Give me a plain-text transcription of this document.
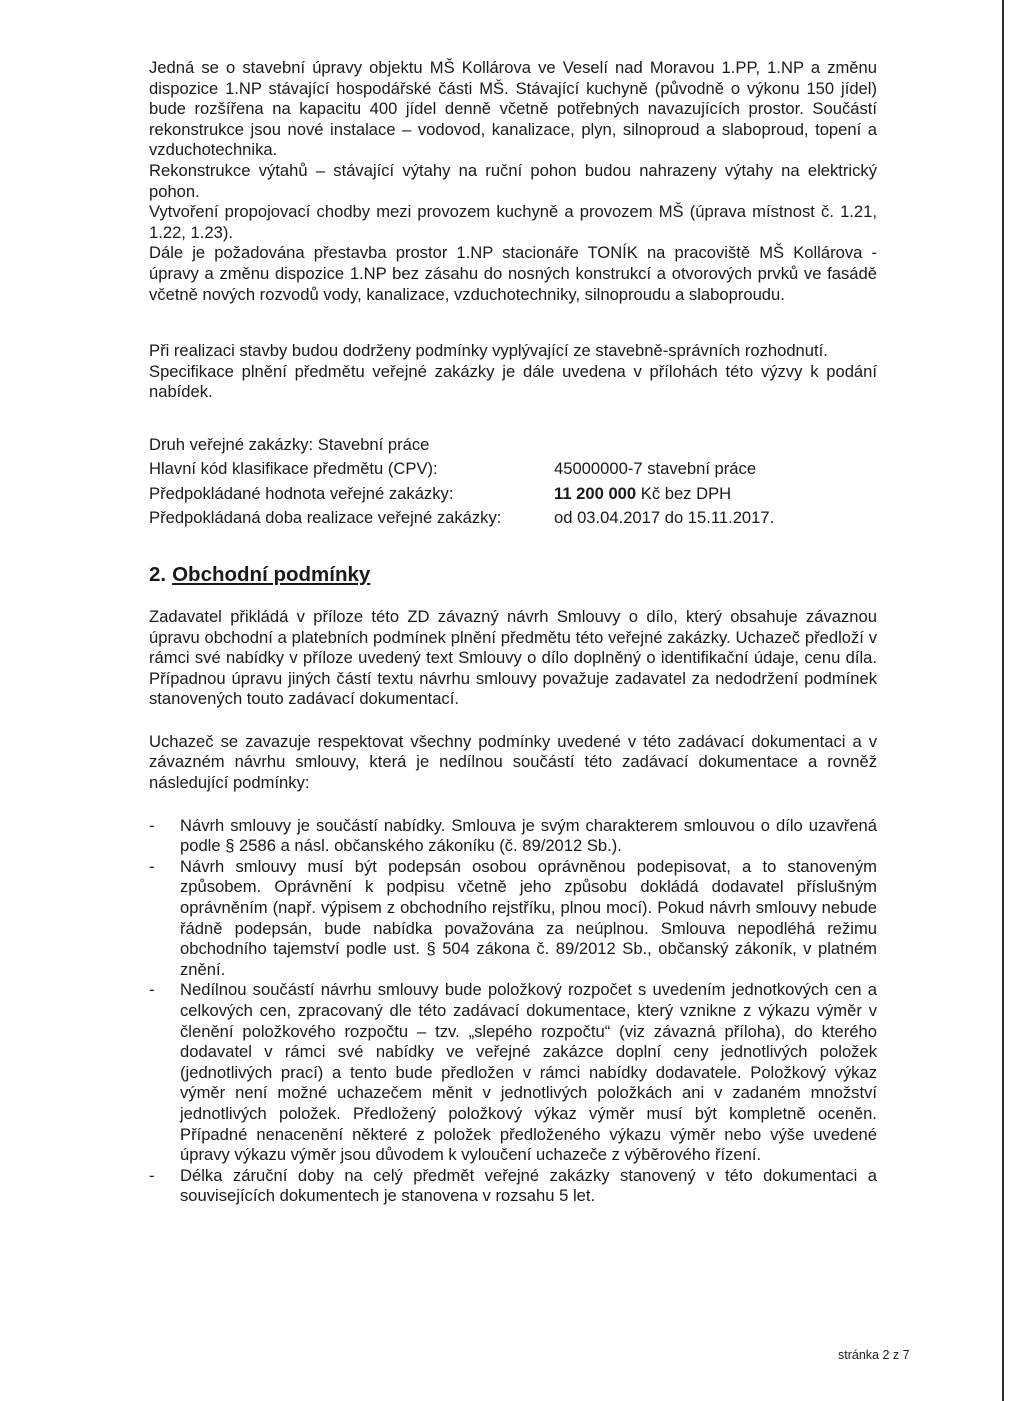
Jedná se o stavební úpravy objektu MŠ Kollárova ve Veselí nad Moravou 1.PP, 1.NP a změnu dispozice 1.NP stávající hospodářské části MŠ. Stávající kuchyně (původně o výkonu 150 jídel) bude rozšířena na kapacitu 400 jídel denně včetně potřebných navazujících prostor. Součástí rekonstrukce jsou nové instalace – vodovod, kanalizace, plyn, silnoproud a slaboproud, topení a vzduchotechnika.

Rekonstrukce výtahů – stávající výtahy na ruční pohon budou nahrazeny výtahy na elektrický pohon.

Vytvoření propojovací chodby mezi provozem kuchyně a provozem MŠ (úprava místnost č. 1.21, 1.22, 1.23).

Dále je požadována přestavba prostor 1.NP stacionáře TONÍK na pracoviště MŠ Kollárova - úpravy a změnu dispozice 1.NP bez zásahu do nosných konstrukcí a otvorových prvků ve fasádě včetně nových rozvodů vody, kanalizace, vzduchotechniky, silnoproudu a slaboproudu.

Při realizaci stavby budou dodrženy podmínky vyplývající ze stavebně-správních rozhodnutí.

Specifikace plnění předmětu veřejné zakázky je dále uvedena v přílohách této výzvy k podání nabídek.

Druh veřejné zakázky: Stavební práce
Hlavní kód klasifikace předmětu (CPV):	45000000-7 stavební práce
Předpokládané hodnota veřejné zakázky:	11 200 000 Kč bez DPH
Předpokládaná doba realizace veřejné zakázky:	od 03.04.2017 do 15.11.2017.
2. Obchodní podmínky

Zadavatel přikládá v příloze této ZD závazný návrh Smlouvy o dílo, který obsahuje závaznou úpravu obchodní a platebních podmínek plnění předmětu této veřejné zakázky. Uchazeč předloží v rámci své nabídky v příloze uvedený text Smlouvy o dílo doplněný o identifikační údaje, cenu díla. Případnou úpravu jiných částí textu návrhu smlouvy považuje zadavatel za nedodržení podmínek stanovených touto zadávací dokumentací.

Uchazeč se zavazuje respektovat všechny podmínky uvedené v této zadávací dokumentaci a v závazném návrhu smlouvy, která je nedílnou součástí této zadávací dokumentace a rovněž následující podmínky:

- Návrh smlouvy je součástí nabídky. Smlouva je svým charakterem smlouvou o dílo uzavřená podle § 2586 a násl. občanského zákoníku (č. 89/2012 Sb.).
- Návrh smlouvy musí být podepsán osobou oprávněnou podepisovat, a to stanoveným způsobem. Oprávnění k podpisu včetně jeho způsobu dokládá dodavatel příslušným oprávněním (např. výpisem z obchodního rejstříku, plnou mocí). Pokud návrh smlouvy nebude řádně podepsán, bude nabídka považována za neúplnou. Smlouva nepodléhá režimu obchodního tajemství podle ust. § 504 zákona č. 89/2012 Sb., občanský zákoník, v platném znění.
- Nedílnou součástí návrhu smlouvy bude položkový rozpočet s uvedením jednotkových cen a celkových cen, zpracovaný dle této zadávací dokumentace, který vznikne z výkazu výměr v členění položkového rozpočtu – tzv. „slepého rozpočtu“ (viz závazná příloha), do kterého dodavatel v rámci své nabídky ve veřejné zakázce doplní ceny jednotlivých položek (jednotlivých prací) a tento bude předložen v rámci nabídky dodavatele. Položkový výkaz výměr není možné uchazečem měnit v jednotlivých položkách ani v zadaném množství jednotlivých položek. Předložený položkový výkaz výměr musí být kompletně oceněn. Případné nenacenění některé z položek předloženého výkazu výměr nebo výše uvedené úpravy výkazu výměr jsou důvodem k vyloučení uchazeče z výběrového řízení.
- Délka záruční doby na celý předmět veřejné zakázky stanovený v této dokumentaci a souvisejících dokumentech je stanovena v rozsahu 5 let.
stránka 2 z 7
